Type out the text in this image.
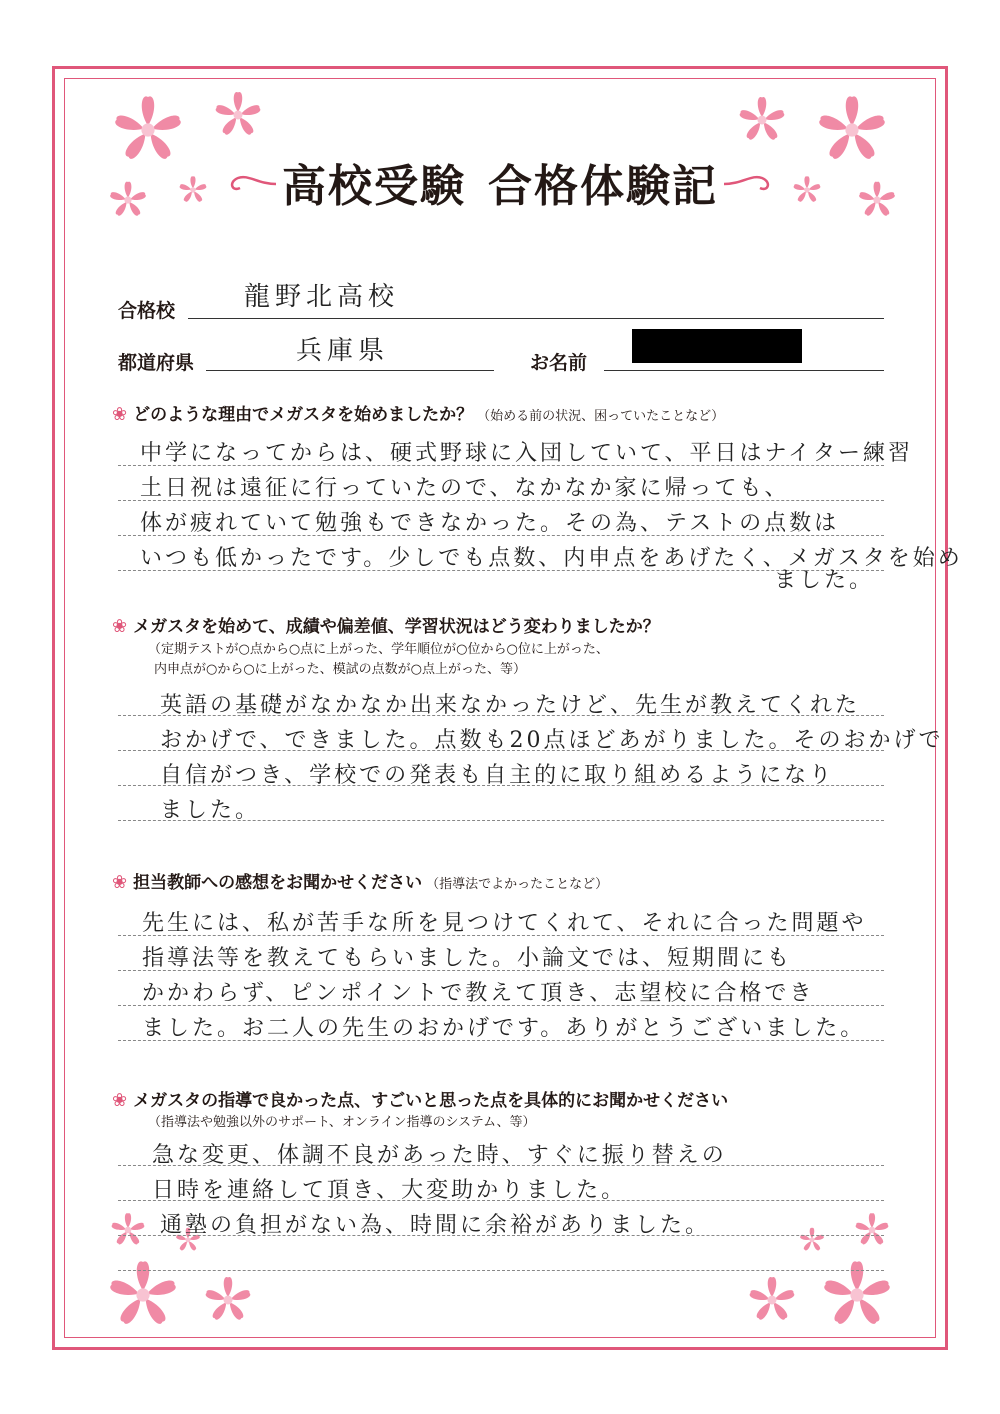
高校受験 合格体験記
合格校	龍野北高校
都道府県	兵庫県	お名前
❀ どのような理由でメガスタを始めましたか？ （始める前の状況、困っていたことなど）
中学になってからは、硬式野球に入団していて、平日はナイター練習
土日祝は遠征に行っていたので、なかなか家に帰っても、
体が疲れていて勉強もできなかった。その為、テストの点数は
いつも低かったです。少しでも点数、内申点をあげたく、メガスタを始め
ました。
❀ メガスタを始めて、成績や偏差値、学習状況はどう変わりましたか？
（定期テストが○点から○点に上がった、学年順位が○位から○位に上がった、
内申点が○から○に上がった、模試の点数が○点上がった、等）
英語の基礎がなかなか出来なかったけど、先生が教えてくれた
おかげで、できました。点数も20点ほどあがりました。そのおかげで
自信がつき、学校での発表も自主的に取り組めるようになり
ました。
❀ 担当教師への感想をお聞かせください （指導法でよかったことなど）
先生には、私が苦手な所を見つけてくれて、それに合った問題や
指導法等を教えてもらいました。小論文では、短期間にも
かかわらず、ピンポイントで教えて頂き、志望校に合格でき
ました。お二人の先生のおかげです。ありがとうございました。
❀ メガスタの指導で良かった点、すごいと思った点を具体的にお聞かせください
（指導法や勉強以外のサポート、オンライン指導のシステム、等）
急な変更、体調不良があった時、すぐに振り替えの
日時を連絡して頂き、大変助かりました。
通塾の負担がない為、時間に余裕がありました。
